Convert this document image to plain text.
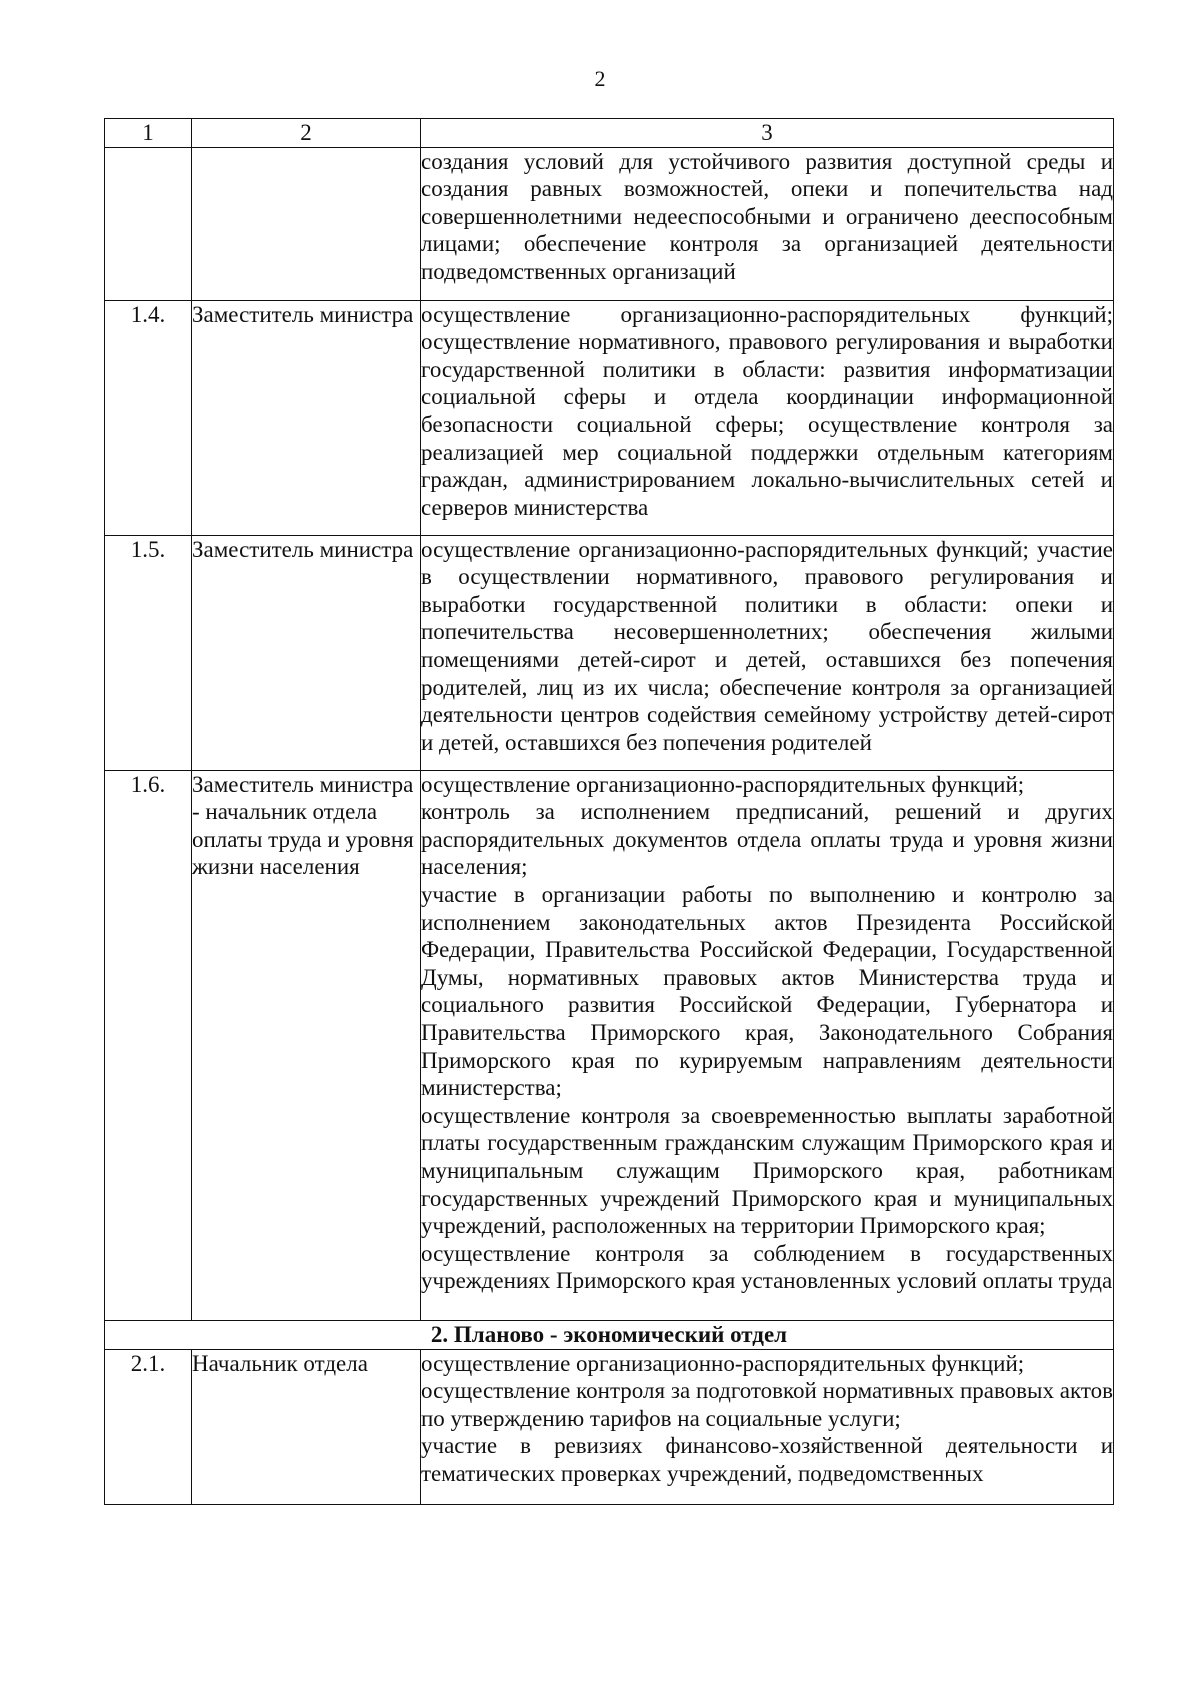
2
1	2	3

		создания условий для устойчивого развития доступной среды и создания равных возможностей, опеки и попечительства над совершеннолетними недееспособными и ограничено дееспособным лицами; обеспечение контроля за организацией деятельности подведомственных организаций

1.4.	Заместитель министра	осуществление организационно-распорядительных функций; осуществление нормативного, правового регулирования и выработки государственной политики в области: развития информатизации социальной сферы и отдела координации информационной безопасности социальной сферы; осуществление контроля за реализацией мер социальной поддержки отдельным категориям граждан, администрированием локально-вычислительных сетей и серверов министерства

1.5.	Заместитель министра	осуществление организационно-распорядительных функций; участие в осуществлении нормативного, правового регулирования и выработки государственной политики в области: опеки и попечительства несовершеннолетних; обеспечения жилыми помещениями детей-сирот и детей, оставшихся без попечения родителей, лиц из их числа; обеспечение контроля за организацией деятельности центров содействия семейному устройству детей-сирот и детей, оставшихся без попечения родителей

1.6.	Заместитель министра - начальник отдела оплаты труда и уровня жизни населения	осуществление организационно-распорядительных функций;
контроль за исполнением предписаний, решений и других распорядительных документов отдела оплаты труда и уровня жизни населения;
участие в организации работы по выполнению и контролю за исполнением законодательных актов Президента Российской Федерации, Правительства Российской Федерации, Государственной Думы, нормативных правовых актов Министерства труда и социального развития Российской Федерации, Губернатора и Правительства Приморского края, Законодательного Собрания Приморского края по курируемым направлениям деятельности министерства;
осуществление контроля за своевременностью выплаты заработной платы государственным гражданским служащим Приморского края и муниципальным служащим Приморского края, работникам государственных учреждений Приморского края и муниципальных учреждений, расположенных на территории Приморского края;
осуществление контроля за соблюдением в государственных учреждениях Приморского края установленных условий оплаты труда

2. Планово - экономический отдел		
2.1.	Начальник отдела	осуществление организационно-распорядительных функций;
осуществление контроля за подготовкой нормативных правовых актов по утверждению тарифов на социальные услуги;
участие в ревизиях финансово-хозяйственной деятельности и тематических проверках учреждений, подведомственных
